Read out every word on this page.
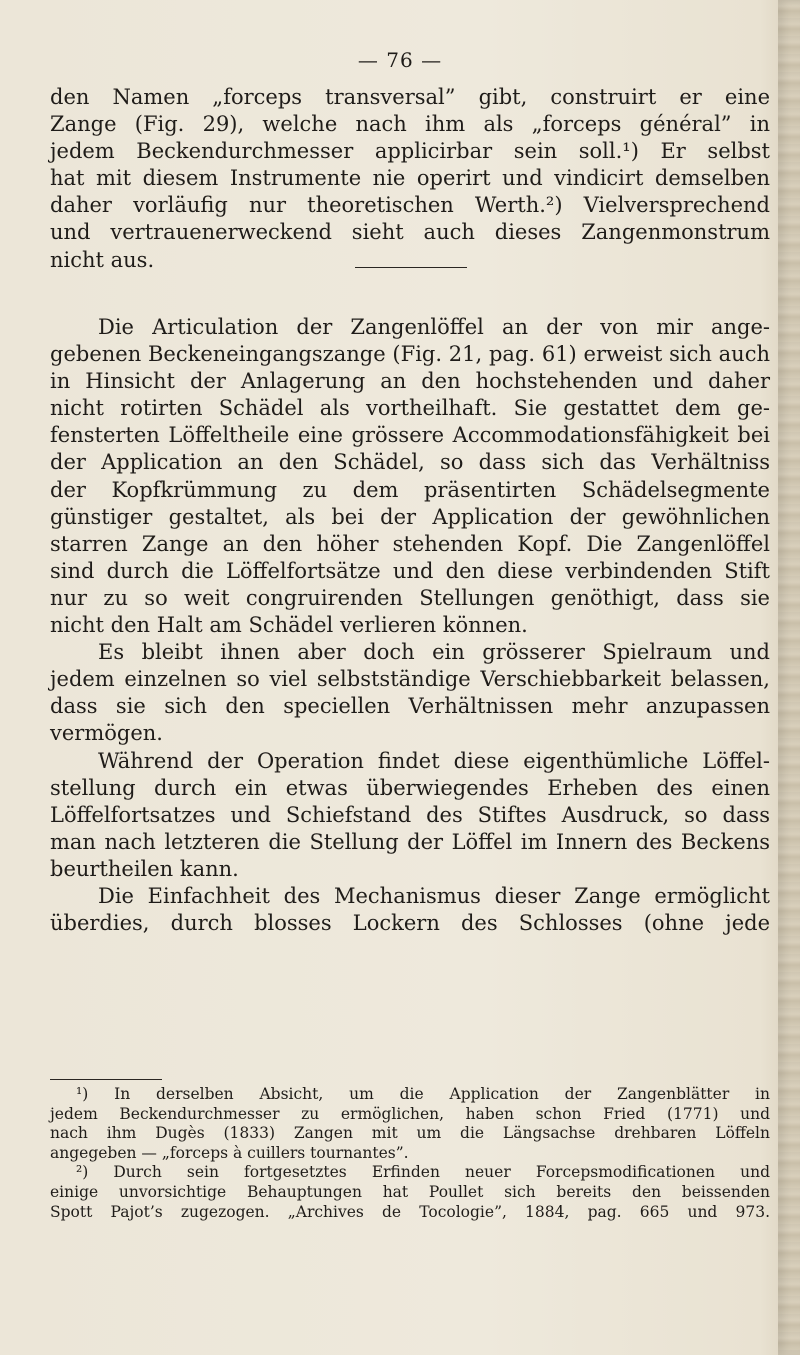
— 76 —
den Namen „forceps transversal” gibt, construirt er eine
Zange (Fig. 29), welche nach ihm als „forceps général” in
jedem Beckendurchmesser applicirbar sein soll.¹) Er selbst
hat mit diesem Instrumente nie operirt und vindicirt demselben
daher vorläufig nur theoretischen Werth.²) Vielversprechend
und vertrauenerweckend sieht auch dieses Zangenmonstrum
nicht aus.
Die Articulation der Zangenlöffel an der von mir ange-
gebenen Beckeneingangszange (Fig. 21, pag. 61) erweist sich auch
in Hinsicht der Anlagerung an den hochstehenden und daher
nicht rotirten Schädel als vortheilhaft. Sie gestattet dem ge-
fensterten Löffeltheile eine grössere Accommodationsfähigkeit bei
der Application an den Schädel, so dass sich das Verhältniss
der Kopfkrümmung zu dem präsentirten Schädelsegmente
günstiger gestaltet, als bei der Application der gewöhnlichen
starren Zange an den höher stehenden Kopf. Die Zangenlöffel
sind durch die Löffelfortsätze und den diese verbindenden Stift
nur zu so weit congruirenden Stellungen genöthigt, dass sie
nicht den Halt am Schädel verlieren können.
Es bleibt ihnen aber doch ein grösserer Spielraum und
jedem einzelnen so viel selbstständige Verschiebbarkeit belassen,
dass sie sich den speciellen Verhältnissen mehr anzupassen
vermögen.
Während der Operation findet diese eigenthümliche Löffel-
stellung durch ein etwas überwiegendes Erheben des einen
Löffelfortsatzes und Schiefstand des Stiftes Ausdruck, so dass
man nach letzteren die Stellung der Löffel im Innern des Beckens
beurtheilen kann.
Die Einfachheit des Mechanismus dieser Zange ermöglicht
überdies, durch blosses Lockern des Schlosses (ohne jede
¹) In derselben Absicht, um die Application der Zangenblätter in
jedem Beckendurchmesser zu ermöglichen, haben schon Fried (1771) und
nach ihm Dugès (1833) Zangen mit um die Längsachse drehbaren Löffeln
angegeben — „forceps à cuillers tournantes”.
²) Durch sein fortgesetztes Erfinden neuer Forcepsmodificationen und
einige unvorsichtige Behauptungen hat Poullet sich bereits den beissenden
Spott Pajot’s zugezogen. „Archives de Tocologie”, 1884, pag. 665 und 973.
